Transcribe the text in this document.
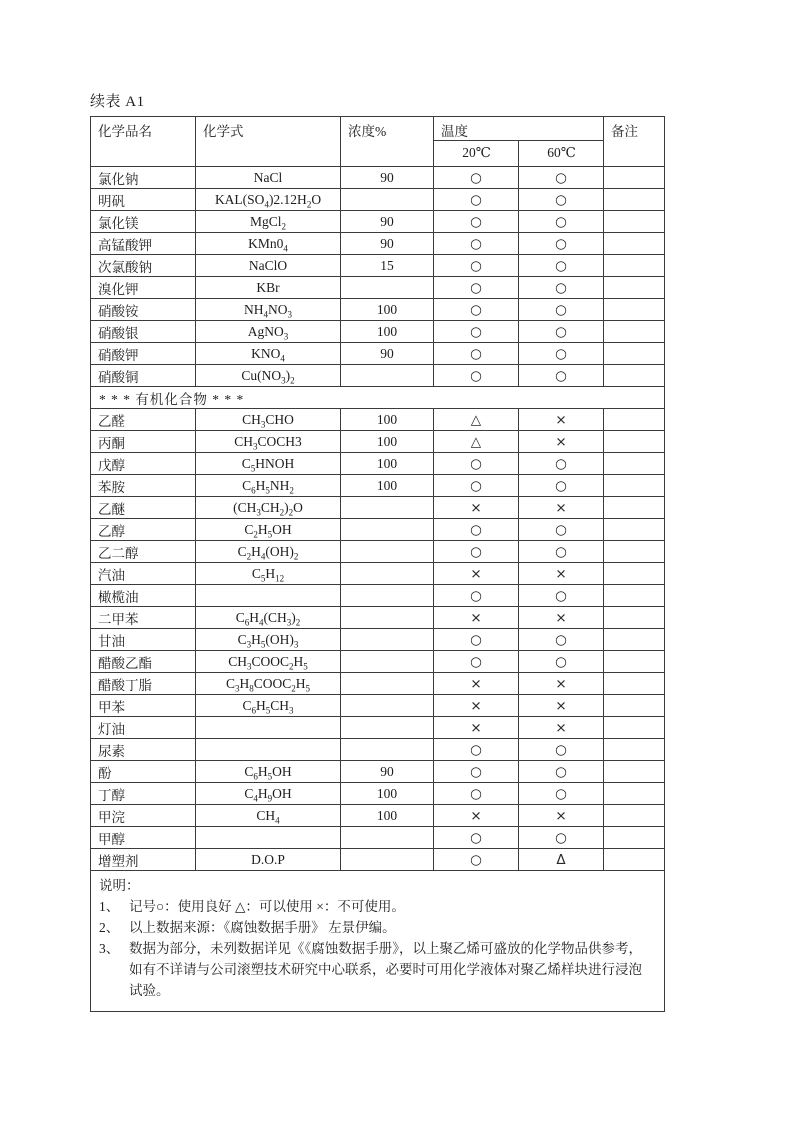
续表 A1
化学品名	化学式	浓度%	温度		备注
			20℃	60℃	
氯化钠	NaCl	90	○	○	
明矾	$KAL(SO_4)2.12H_2O$		○	○	
氯化镁	MgCl$_2$	90	○	○	
高锰酸钾	$KMn0_4$	90	○	○	
次氯酸钠	NaClO	15	○	○	
溴化钾	KBr		○	○	
硝酸铵	$NH_4NO_3$	100	○	○	
硝酸银	AgNO$_3$	100	○	○	
硝酸钾	$KNO_4$	90	○	○	
硝酸铜	$Cu(NO_3)_2$		○	○	
* * * 有机化合物 * * *					
乙醛	$CH_3CHO$	100	△	×	
丙酮	$CH_3COCH3$	100	△	×	
戊醇	$C_5HNOH$	100	○	○	
苯胺	$C_6H_5NH_2$	100	○	○	
乙醚	$(CH_3CH_2)_2O$		×	×	
乙醇	$C_2H_5OH$		○	○	
乙二醇	$C_2H_4(OH)_2$		○	○	
汽油	$C_5H_{12}$		×	×	
橄榄油			○	○	
二甲苯	$C_6H_4(CH_3)_2$		×	×	
甘油	$C_3H_5(OH)_3$		○	○	
醋酸乙酯	$CH_3COOC_2H_5$		○	○	
醋酸丁脂	$C_3H_8COOC_2H_5$		×	×	
甲苯	$C_6H_5CH_3$		×	×	
灯油			×	×	
尿素			○	○	
酚	$C_6H_5OH$	90	○	○	
丁醇	$C_4H_9OH$	100	○	○	
甲浣	$CH_4$	100	×	×	
甲醇			○	○	
增塑剂	D.O.P		○	Δ	

说明：
1、 记号○：使用良好 △：可以使用 ×：不可使用。
2、 以上数据来源：《腐蚀数据手册》 左景伊编。
3、 数据为部分，未列数据详见《《腐蚀数据手册》，以上聚乙烯可盛放的化学物品供参考，如有不详请与公司滚塑技术研究中心联系，必要时可用化学液体对聚乙烯样块进行浸泡试验。
